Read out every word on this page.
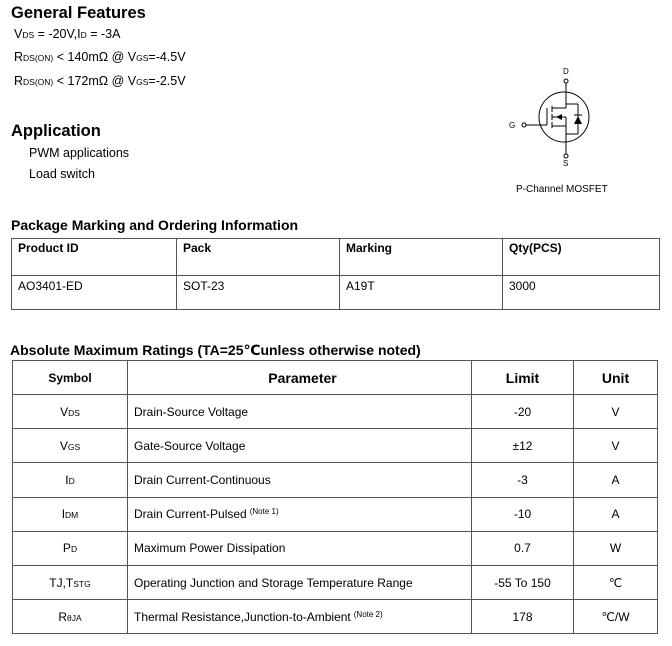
General Features
VDS = -20V,ID = -3A
RDS(ON) < 140mΩ @ VGS=-4.5V
RDS(ON) < 172mΩ @ VGS=-2.5V
Application
PWM applications
Load switch
D
G
S
P-Channel MOSFET
Package Marking and Ordering Information
Product ID	Pack	Marking	Qty(PCS)
AO3401-ED	SOT-23	A19T	3000
Absolute Maximum Ratings (TA=25℃unless otherwise noted)
Symbol	Parameter	Limit	Unit
VDS	Drain-Source Voltage	-20	V
VGS	Gate-Source Voltage	±12	V
ID	Drain Current-Continuous	-3	A
IDM	Drain Current-Pulsed $^{(Note 1)}$	-10	A
PD	Maximum Power Dissipation	0.7	W
TJ,TSTG	Operating Junction and Storage Temperature Range	-55 To 150	℃
RθJA	Thermal Resistance,Junction-to-Ambient $^{(Note 2)}$	178	℃/W
